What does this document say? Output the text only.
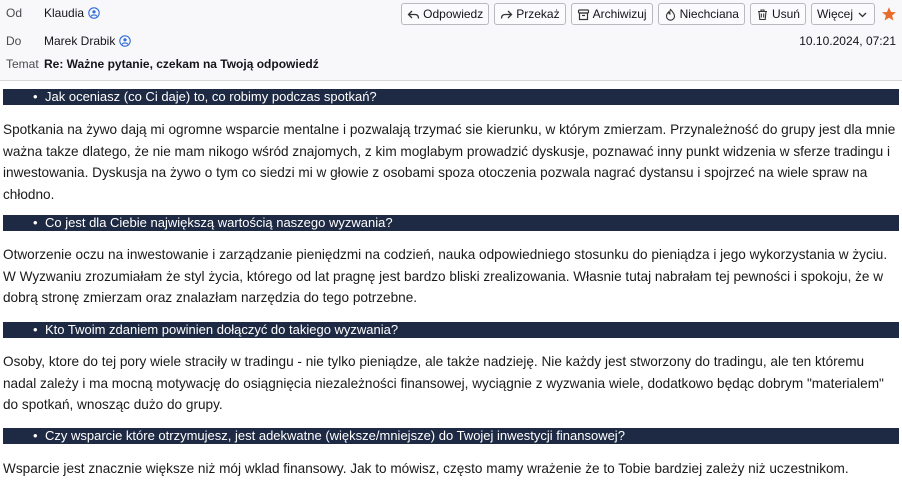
Od Klaudia	Odpowiedz	Przekaż	Archiwizuj	Niechciana	Usuń Więcej
Do Marek Drabik	10.10.2024, 07:21
Temat Re: Ważne pytanie, czekam na Twoją odpowiedź
• Jak oceniasz (co Ci daje) to, co robimy podczas spotkań?
Spotkania na żywo dają mi ogromne wsparcie mentalne i pozwalają trzymać sie kierunku, w którym zmierzam. Przynależność do grupy jest dla mnie ważna takze dlatego, że nie mam nikogo wśród znajomych, z kim moglabym prowadzić dyskusje, poznawać inny punkt widzenia w sferze tradingu i inwestowania. Dyskusja na żywo o tym co siedzi mi w głowie z osobami spoza otoczenia pozwala nagrać dystansu i spojrzeć na wiele spraw na chłodno.
• Co jest dla Ciebie największą wartością naszego wyzwania?
Otworzenie oczu na inwestowanie i zarządzanie pieniędzmi na codzień, nauka odpowiedniego stosunku do pieniądza i jego wykorzystania w życiu. W Wyzwaniu zrozumiałam że styl życia, którego od lat pragnę jest bardzo bliski zrealizowania. Własnie tutaj nabrałam tej pewności i spokoju, że w dobrą stronę zmierzam oraz znalazłam narzędzia do tego potrzebne.
• Kto Twoim zdaniem powinien dołączyć do takiego wyzwania?
Osoby, ktore do tej pory wiele straciły w tradingu - nie tylko pieniądze, ale także nadzieję. Nie każdy jest stworzony do tradingu, ale ten któremu nadal zależy i ma mocną motywację do osiągnięcia niezależności finansowej, wyciągnie z wyzwania wiele, dodatkowo będąc dobrym "materialem" do spotkań, wnosząc dużo do grupy.
• Czy wsparcie które otrzymujesz, jest adekwatne (większe/mniejsze) do Twojej inwestycji finansowej?
Wsparcie jest znacznie większe niż mój wklad finansowy. Jak to mówisz, często mamy wrażenie że to Tobie bardziej zależy niż uczestnikom.
